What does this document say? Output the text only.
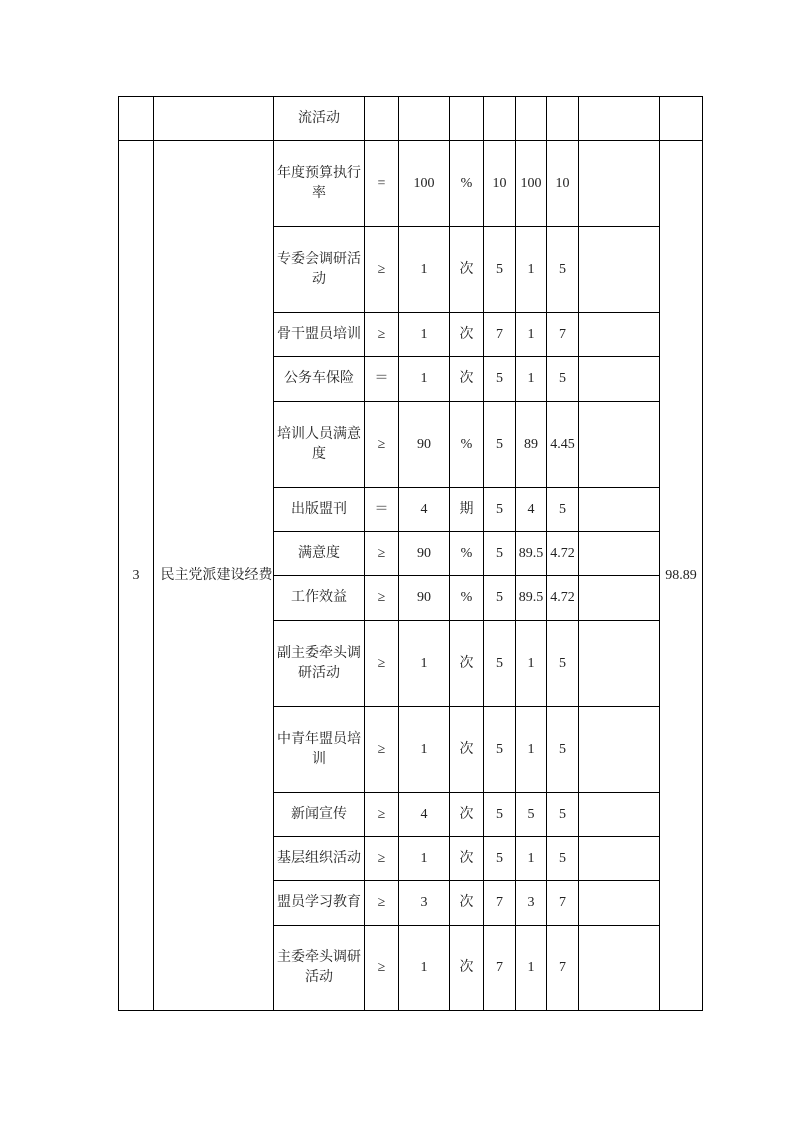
		流活动								
3	民主党派建设经费	年度预算执行率	=	100	%	10	100	10		98.89
		专委会调研活动	≥	1	次	5	1	5		
		骨干盟员培训	≥	1	次	7	1	7		
		公务车保险	＝	1	次	5	1	5		
		培训人员满意度	≥	90	%	5	89	4.45		
		出版盟刊	＝	4	期	5	4	5		
		满意度	≥	90	%	5	89.5	4.72		
		工作效益	≥	90	%	5	89.5	4.72		
		副主委牵头调研活动	≥	1	次	5	1	5		
		中青年盟员培训	≥	1	次	5	1	5		
		新闻宣传	≥	4	次	5	5	5		
		基层组织活动	≥	1	次	5	1	5		
		盟员学习教育	≥	3	次	7	3	7		
		主委牵头调研活动	≥	1	次	7	1	7		
